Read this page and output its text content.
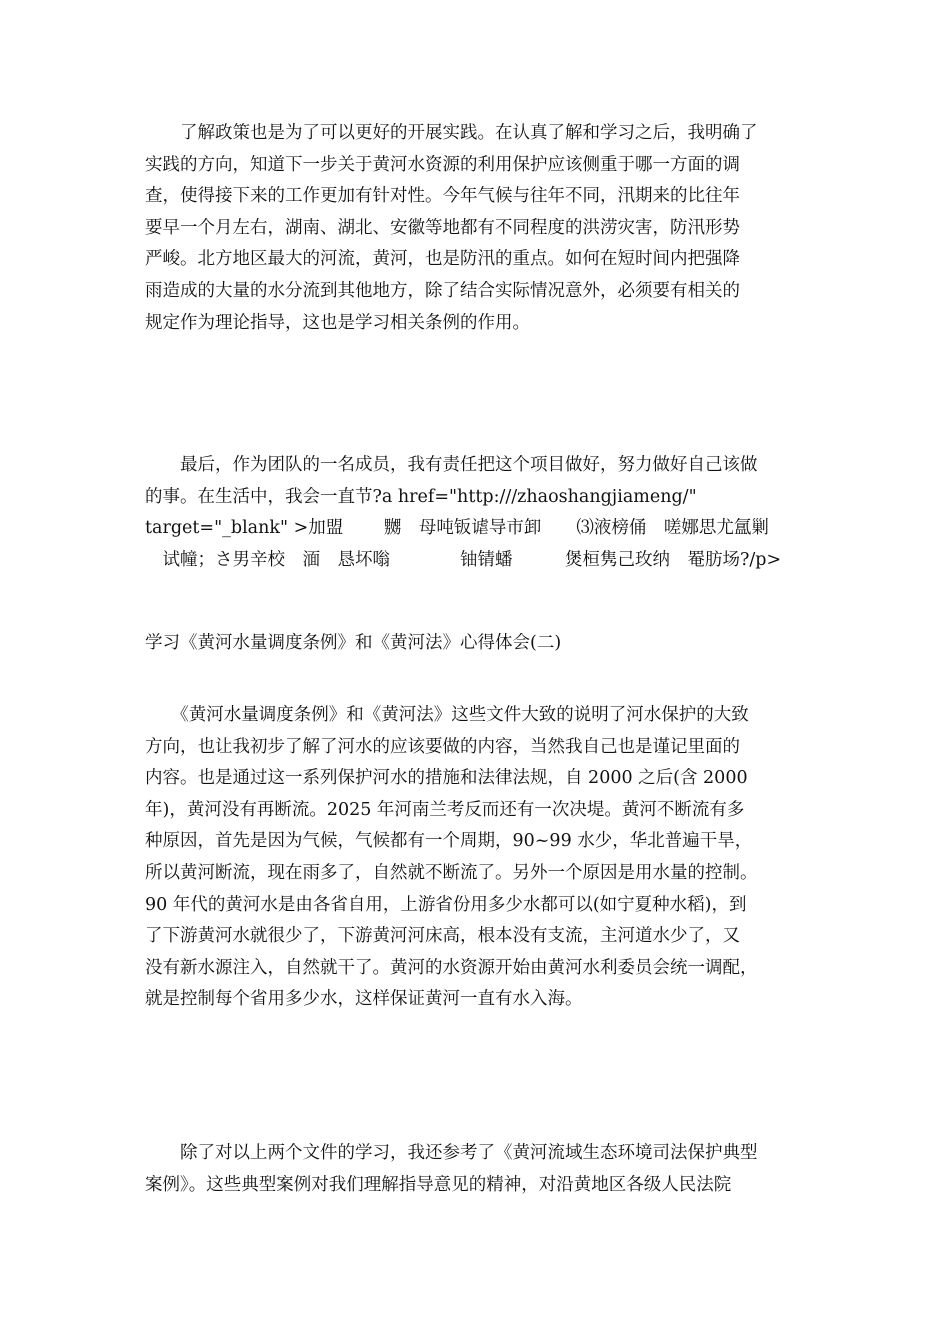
　　了解政策也是为了可以更好的开展实践。在认真了解和学习之后，我明确了
实践的方向，知道下一步关于黄河水资源的利用保护应该侧重于哪一方面的调
查，使得接下来的工作更加有针对性。今年气候与往年不同，汛期来的比往年
要早一个月左右，湖南、湖北、安徽等地都有不同程度的洪涝灾害，防汛形势
严峻。北方地区最大的河流，黄河，也是防汛的重点。如何在短时间内把强降
雨造成的大量的水分流到其他地方，除了结合实际情况意外，必须要有相关的
规定作为理论指导，这也是学习相关条例的作用。
　　最后，作为团队的一名成员，我有责任把这个项目做好，努力做好自己该做
的事。在生活中，我会一直节?a href="http:///zhaoshangjiameng/"
target="_blank" >加盟　　 嬲　母吨钣谑导市卸　　⑶液榜俑　嗟娜思尤氲剿
　试幢；さ男辛校　湎　恳坏嗡　　　　铀锖蟠　　　煲桓隽己玫纳　罨肪场?/p>
学习《黄河水量调度条例》和《黄河法》心得体会(二)
　　《黄河水量调度条例》和《黄河法》这些文件大致的说明了河水保护的大致
方向，也让我初步了解了河水的应该要做的内容，当然我自己也是谨记里面的
内容。也是通过这一系列保护河水的措施和法律法规，自 2000 之后(含 2000
年)，黄河没有再断流。2025 年河南兰考反而还有一次决堤。黄河不断流有多
种原因，首先是因为气候，气候都有一个周期，90~99 水少，华北普遍干旱，
所以黄河断流，现在雨多了，自然就不断流了。另外一个原因是用水量的控制。
90 年代的黄河水是由各省自用，上游省份用多少水都可以(如宁夏种水稻)，到
了下游黄河水就很少了，下游黄河河床高，根本没有支流，主河道水少了，又
没有新水源注入，自然就干了。黄河的水资源开始由黄河水利委员会统一调配，
就是控制每个省用多少水，这样保证黄河一直有水入海。
　　除了对以上两个文件的学习，我还参考了《黄河流域生态环境司法保护典型
案例》。这些典型案例对我们理解指导意见的精神，对沿黄地区各级人民法院
